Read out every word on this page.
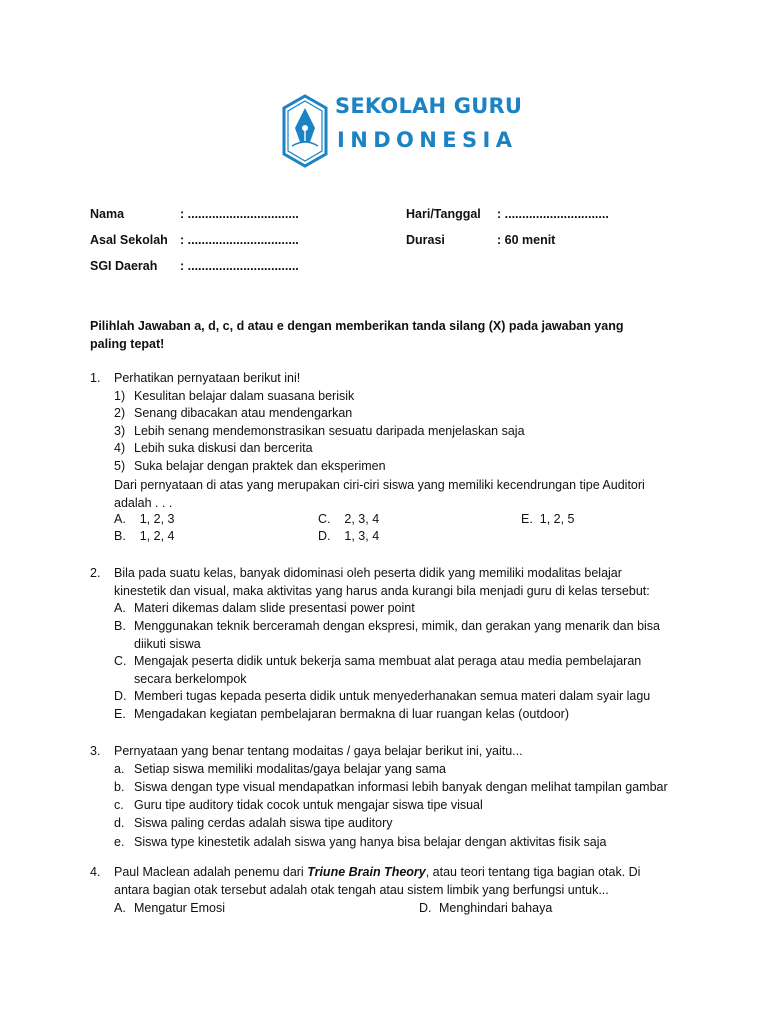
SEKOLAH GURU
INDONESIA
Nama	: ................................
Asal Sekolah : ................................
SGI Daerah : ................................
Hari/Tanggal : ..............................
Durasi	: 60 menit
Pilihlah Jawaban a, d, c, d atau e dengan memberikan tanda silang (X) pada jawaban yang paling tepat!
1. Perhatikan pernyataan berikut ini!
1) Kesulitan belajar dalam suasana berisik
2) Senang dibacakan atau mendengarkan
3) Lebih senang mendemonstrasikan sesuatu daripada menjelaskan saja
4) Lebih suka diskusi dan bercerita
5) Suka belajar dengan praktek dan eksperimen
Dari pernyataan di atas yang merupakan ciri-ciri siswa yang memiliki kecendrungan tipe Auditori adalah . . .
A. 1, 2, 3	C. 2, 3, 4	E. 1, 2, 5
B. 1, 2, 4	D. 1, 3, 4
2. Bila pada suatu kelas, banyak didominasi oleh peserta didik yang memiliki modalitas belajar kinestetik dan visual, maka aktivitas yang harus anda kurangi bila menjadi guru di kelas tersebut:
A. Materi dikemas dalam slide presentasi power point
B. Menggunakan teknik berceramah dengan ekspresi, mimik, dan gerakan yang menarik dan bisa diikuti siswa
C. Mengajak peserta didik untuk bekerja sama membuat alat peraga atau media pembelajaran secara berkelompok
D. Memberi tugas kepada peserta didik untuk menyederhanakan semua materi dalam syair lagu
E. Mengadakan kegiatan pembelajaran bermakna di luar ruangan kelas (outdoor)
3. Pernyataan yang benar tentang modaitas / gaya belajar berikut ini, yaitu...
a. Setiap siswa memiliki modalitas/gaya belajar yang sama
b. Siswa dengan type visual mendapatkan informasi lebih banyak dengan melihat tampilan gambar
c. Guru tipe auditory tidak cocok untuk mengajar siswa tipe visual
d. Siswa paling cerdas adalah siswa tipe auditory
e. Siswa type kinestetik adalah siswa yang hanya bisa belajar dengan aktivitas fisik saja
4. Paul Maclean adalah penemu dari Triune Brain Theory, atau teori tentang tiga bagian otak. Di antara bagian otak tersebut adalah otak tengah atau sistem limbik yang berfungsi untuk...
A. Mengatur Emosi	D. Menghindari bahaya
